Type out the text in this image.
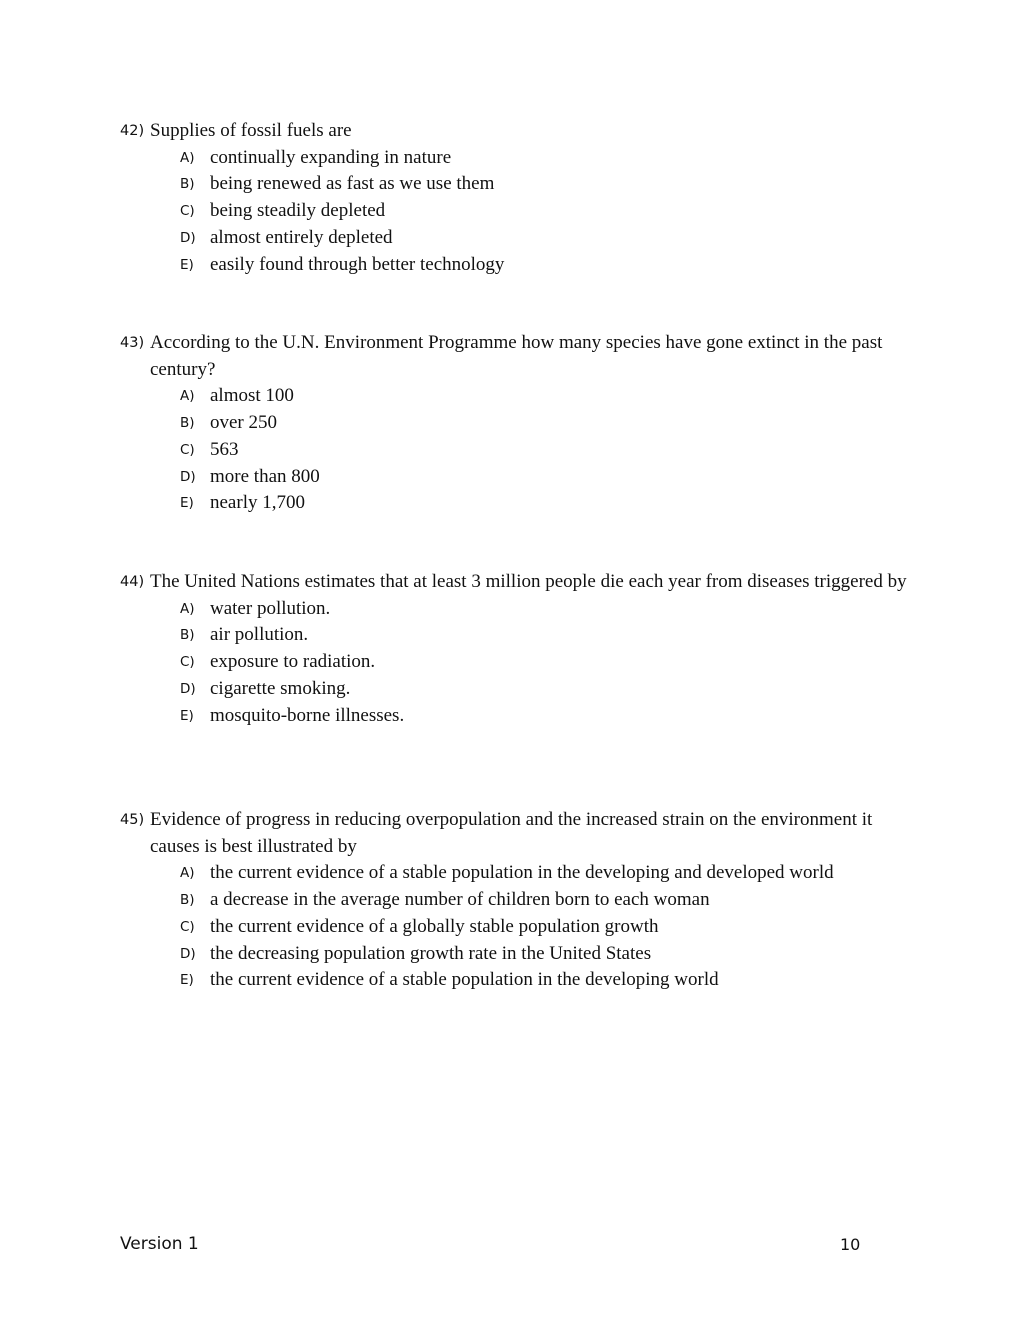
42) Supplies of fossil fuels are
A) continually expanding in nature
B) being renewed as fast as we use them
C) being steadily depleted
D) almost entirely depleted
E) easily found through better technology
43) According to the U.N. Environment Programme how many species have gone extinct in the past century?
A) almost 100
B) over 250
C) 563
D) more than 800
E) nearly 1,700
44) The United Nations estimates that at least 3 million people die each year from diseases triggered by
A) water pollution.
B) air pollution.
C) exposure to radiation.
D) cigarette smoking.
E) mosquito-borne illnesses.
45) Evidence of progress in reducing overpopulation and the increased strain on the environment it causes is best illustrated by
A) the current evidence of a stable population in the developing and developed world
B) a decrease in the average number of children born to each woman
C) the current evidence of a globally stable population growth
D) the decreasing population growth rate in the United States
E) the current evidence of a stable population in the developing world
Version 1	10
